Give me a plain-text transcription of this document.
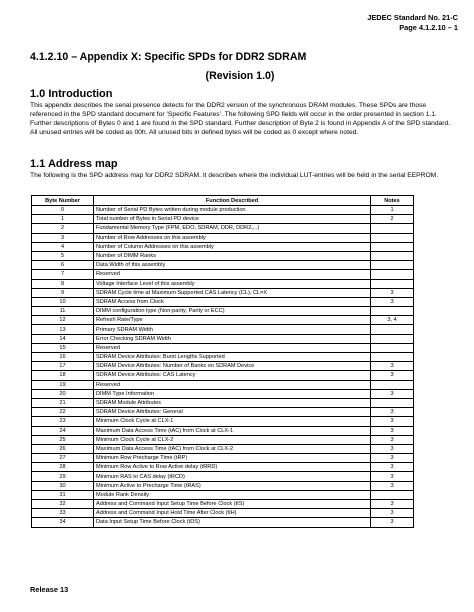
JEDEC Standard No. 21-C
Page 4.1.2.10 – 1
4.1.2.10 – Appendix X: Specific SPDs for DDR2 SDRAM
(Revision 1.0)
1.0 Introduction
This appendix describes the serial presence detects for the DDR2 version of the synchronous DRAM modules. These SPDs are those referenced in the SPD standard document for ‘Specific Features’. The following SPD fields will occur in the order presented in section 1.1. Further descriptions of Bytes 0 and 1 are found in the SPD standard. Further description of Byte 2 is found in Appendix A of the SPD standard. All unused entries will be coded as 00h. All unused bits in defined bytes will be coded as 0 except where noted.
1.1 Address map
The following is the SPD address map for DDR2 SDRAM. It describes where the individual LUT-entries will be held in the serial EEPROM.
Byte Number	Function Described	Notes
0	Number of Serial PD Bytes written during module production	1
1	Total number of Bytes in Serial PD device	2
2	Fundamental Memory Type (FPM, EDO, SDRAM, DDR, DDR2,...)	
3	Number of Row Addresses on this assembly	
4	Number of Column Addresses on this assembly	
5	Number of DIMM Ranks	
6	Data Width of this assembly	
7	Reserved	
8	Voltage Interface Level of this assembly	
9	SDRAM Cycle time at Maximum Supported CAS Latency (CL), CL=X	3
10	SDRAM Access from Clock	3
11	DIMM configuration type (Non-parity, Parity or ECC)	
12	Refresh Rate/Type	3, 4
13	Primary SDRAM Width	
14	Error Checking SDRAM Width	
15	Reserved	
16	SDRAM Device Attributes: Burst Lengths Supported	
17	SDRAM Device Attributes: Number of Banks on SDRAM Device	3
18	SDRAM Device Attributes: CAS Latency	3
19	Reserved	
20	DIMM Type Information	3
21	SDRAM Module Attributes	
22	SDRAM Device Attributes: General	3
23	Minimum Clock Cycle at CLX-1	3
24	Maximum Data Access Time (tAC) from Clock at CLX-1	3
25	Minimum Clock Cycle at CLX-2	3
26	Maximum Data Access Time (tAC) from Clock at CLX-2	3
27	Minimum Row Precharge Time (tRP)	3
28	Minimum Row Active to Row Active delay (tRRD)	3
29	Minimum RAS to CAS delay (tRCD)	3
30	Minimum Active to Precharge Time (tRAS)	3
31	Module Rank Density	
32	Address and Command Input Setup Time Before Clock (tIS)	3
33	Address and Command Input Hold Time After Clock (tIH)	3
34	Data Input Setup Time Before Clock (tDS)	3
Release 13
